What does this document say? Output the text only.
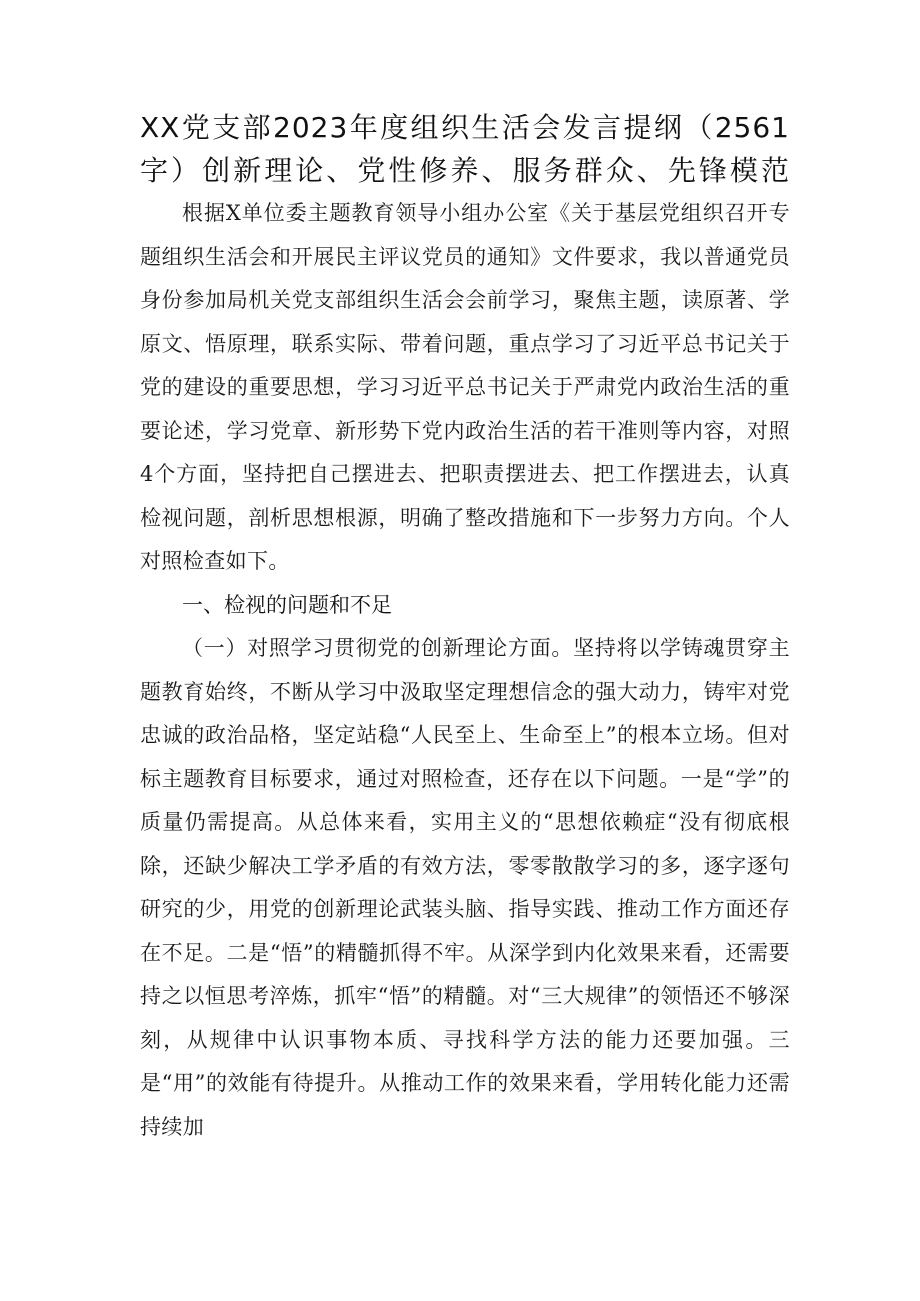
XX党支部2023年度组织生活会发言提纲（2561
字）创新理论、党性修养、服务群众、先锋模范

根据X单位委主题教育领导小组办公室《关于基层党组织召开专题组织生活会和开展民主评议党员的通知》文件要求，我以普通党员身份参加局机关党支部组织生活会会前学习，聚焦主题，读原著、学原文、悟原理，联系实际、带着问题，重点学习了习近平总书记关于党的建设的重要思想，学习习近平总书记关于严肃党内政治生活的重要论述，学习党章、新形势下党内政治生活的若干准则等内容，对照4个方面，坚持把自己摆进去、把职责摆进去、把工作摆进去，认真检视问题，剖析思想根源，明确了整改措施和下一步努力方向。个人对照检查如下。

一、检视的问题和不足

（一）对照学习贯彻党的创新理论方面。坚持将以学铸魂贯穿主题教育始终，不断从学习中汲取坚定理想信念的强大动力，铸牢对党忠诚的政治品格，坚定站稳“人民至上、生命至上”的根本立场。但对标主题教育目标要求，通过对照检查，还存在以下问题。一是“学”的质量仍需提高。从总体来看，实用主义的“思想依赖症“没有彻底根除，还缺少解决工学矛盾的有效方法，零零散散学习的多，逐字逐句研究的少，用党的创新理论武装头脑、指导实践、推动工作方面还存在不足。二是“悟”的精髓抓得不牢。从深学到内化效果来看，还需要持之以恒思考淬炼，抓牢“悟”的精髓。对“三大规律”的领悟还不够深刻，从规律中认识事物本质、寻找科学方法的能力还要加强。三是“用”的效能有待提升。从推动工作的效果来看，学用转化能力还需持续加
